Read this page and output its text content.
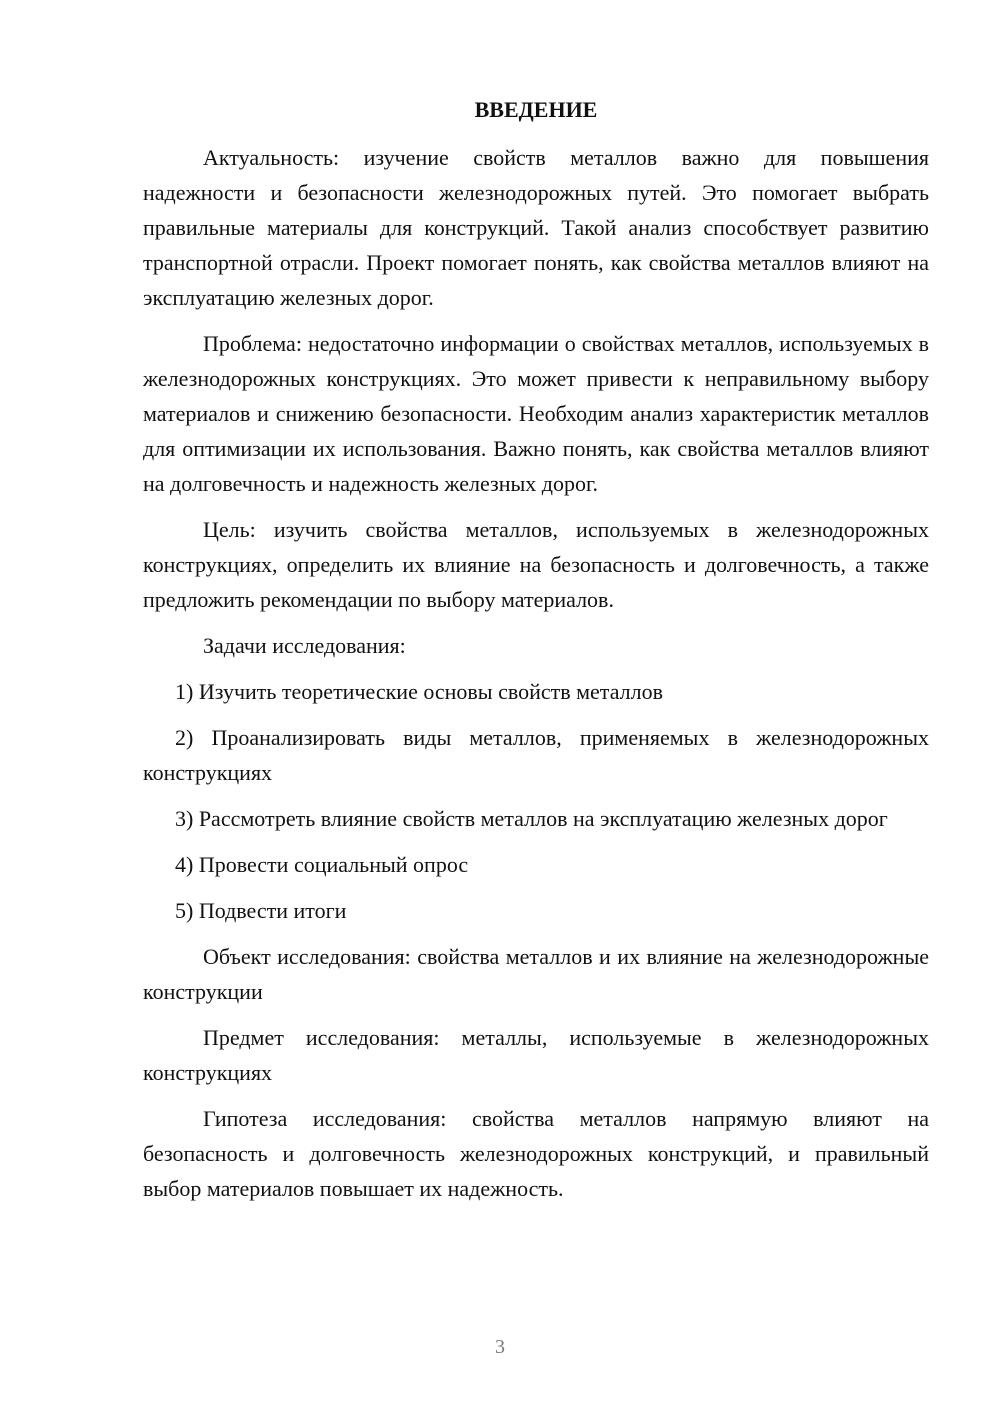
ВВЕДЕНИЕ

Актуальность: изучение свойств металлов важно для повышения надежности и безопасности железнодорожных путей. Это помогает выбрать правильные материалы для конструкций. Такой анализ способствует развитию транспортной отрасли. Проект помогает понять, как свойства металлов влияют на эксплуатацию железных дорог.

Проблема: недостаточно информации о свойствах металлов, используемых в железнодорожных конструкциях. Это может привести к неправильному выбору материалов и снижению безопасности. Необходим анализ характеристик металлов для оптимизации их использования. Важно понять, как свойства металлов влияют на долговечность и надежность железных дорог.

Цель: изучить свойства металлов, используемых в железнодорожных конструкциях, определить их влияние на безопасность и долговечность, а также предложить рекомендации по выбору материалов.

Задачи исследования:

1) Изучить теоретические основы свойств металлов

2) Проанализировать виды металлов, применяемых в железнодорожных конструкциях

3) Рассмотреть влияние свойств металлов на эксплуатацию железных дорог

4) Провести социальный опрос

5) Подвести итоги

Объект исследования: свойства металлов и их влияние на железнодорожные конструкции

Предмет исследования: металлы, используемые в железнодорожных конструкциях

Гипотеза исследования: свойства металлов напрямую влияют на безопасность и долговечность железнодорожных конструкций, и правильный выбор материалов повышает их надежность.

3
